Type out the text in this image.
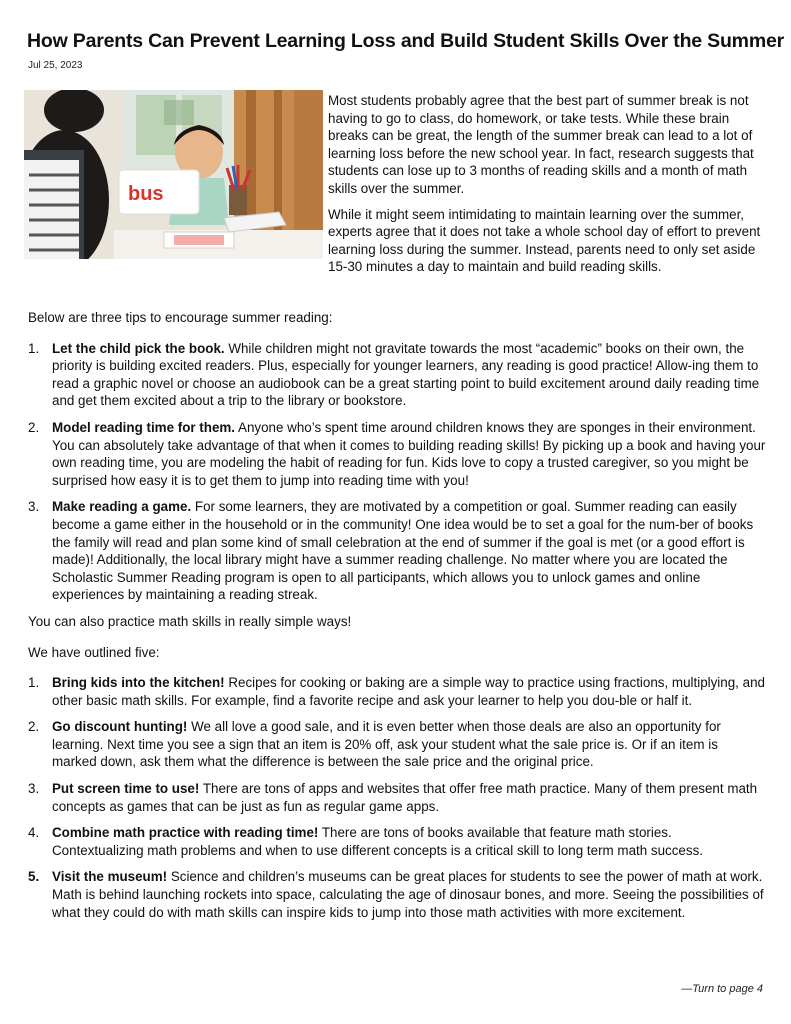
How Parents Can Prevent Learning Loss and Build Student Skills Over the Summer
Jul 25, 2023
bus

Most students probably agree that the best part of summer break is not having to go to class, do homework, or take tests. While these brain breaks can be great, the length of the summer break can lead to a lot of learning loss before the new school year. In fact, research suggests that students can lose up to 3 months of reading skills and a month of math skills over the summer.

While it might seem intimidating to maintain learning over the summer, experts agree that it does not take a whole school day of effort to prevent learning loss during the summer. Instead, parents need to only set aside 15-30 minutes a day to maintain and build reading skills.

Below are three tips to encourage summer reading:

1. Let the child pick the book. While children might not gravitate towards the most “academic” books on their own, the priority is building excited readers. Plus, especially for younger learners, any reading is good practice! Allow-ing them to read a graphic novel or choose an audiobook can be a great starting point to build excitement around daily reading time and get them excited about a trip to the library or bookstore.
2. Model reading time for them. Anyone who’s spent time around children knows they are sponges in their environment. You can absolutely take advantage of that when it comes to building reading skills! By picking up a book and having your own reading time, you are modeling the habit of reading for fun. Kids love to copy a trusted caregiver, so you might be surprised how easy it is to get them to jump into reading time with you!
3. Make reading a game. For some learners, they are motivated by a competition or goal. Summer reading can easily become a game either in the household or in the community! One idea would be to set a goal for the num-ber of books the family will read and plan some kind of small celebration at the end of summer if the goal is met (or a good effort is made)! Additionally, the local library might have a summer reading challenge. No matter where you are located the Scholastic Summer Reading program is open to all participants, which allows you to unlock games and online experiences by maintaining a reading streak.

You can also practice math skills in really simple ways!

We have outlined five:

1. Bring kids into the kitchen! Recipes for cooking or baking are a simple way to practice using fractions, multiplying, and other basic math skills. For example, find a favorite recipe and ask your learner to help you dou-ble or half it.
2. Go discount hunting! We all love a good sale, and it is even better when those deals are also an opportunity for learning. Next time you see a sign that an item is 20% off, ask your student what the sale price is. Or if an item is marked down, ask them what the difference is between the sale price and the original price.
3. Put screen time to use! There are tons of apps and websites that offer free math practice. Many of them present math concepts as games that can be just as fun as regular game apps.
4. Combine math practice with reading time! There are tons of books available that feature math stories. Contextualizing math problems and when to use different concepts is a critical skill to long term math success.
5. Visit the museum! Science and children’s museums can be great places for students to see the power of math at work. Math is behind launching rockets into space, calculating the age of dinosaur bones, and more. Seeing the possibilities of what they could do with math skills can inspire kids to jump into those math activities with more excitement.
—Turn to page 4
